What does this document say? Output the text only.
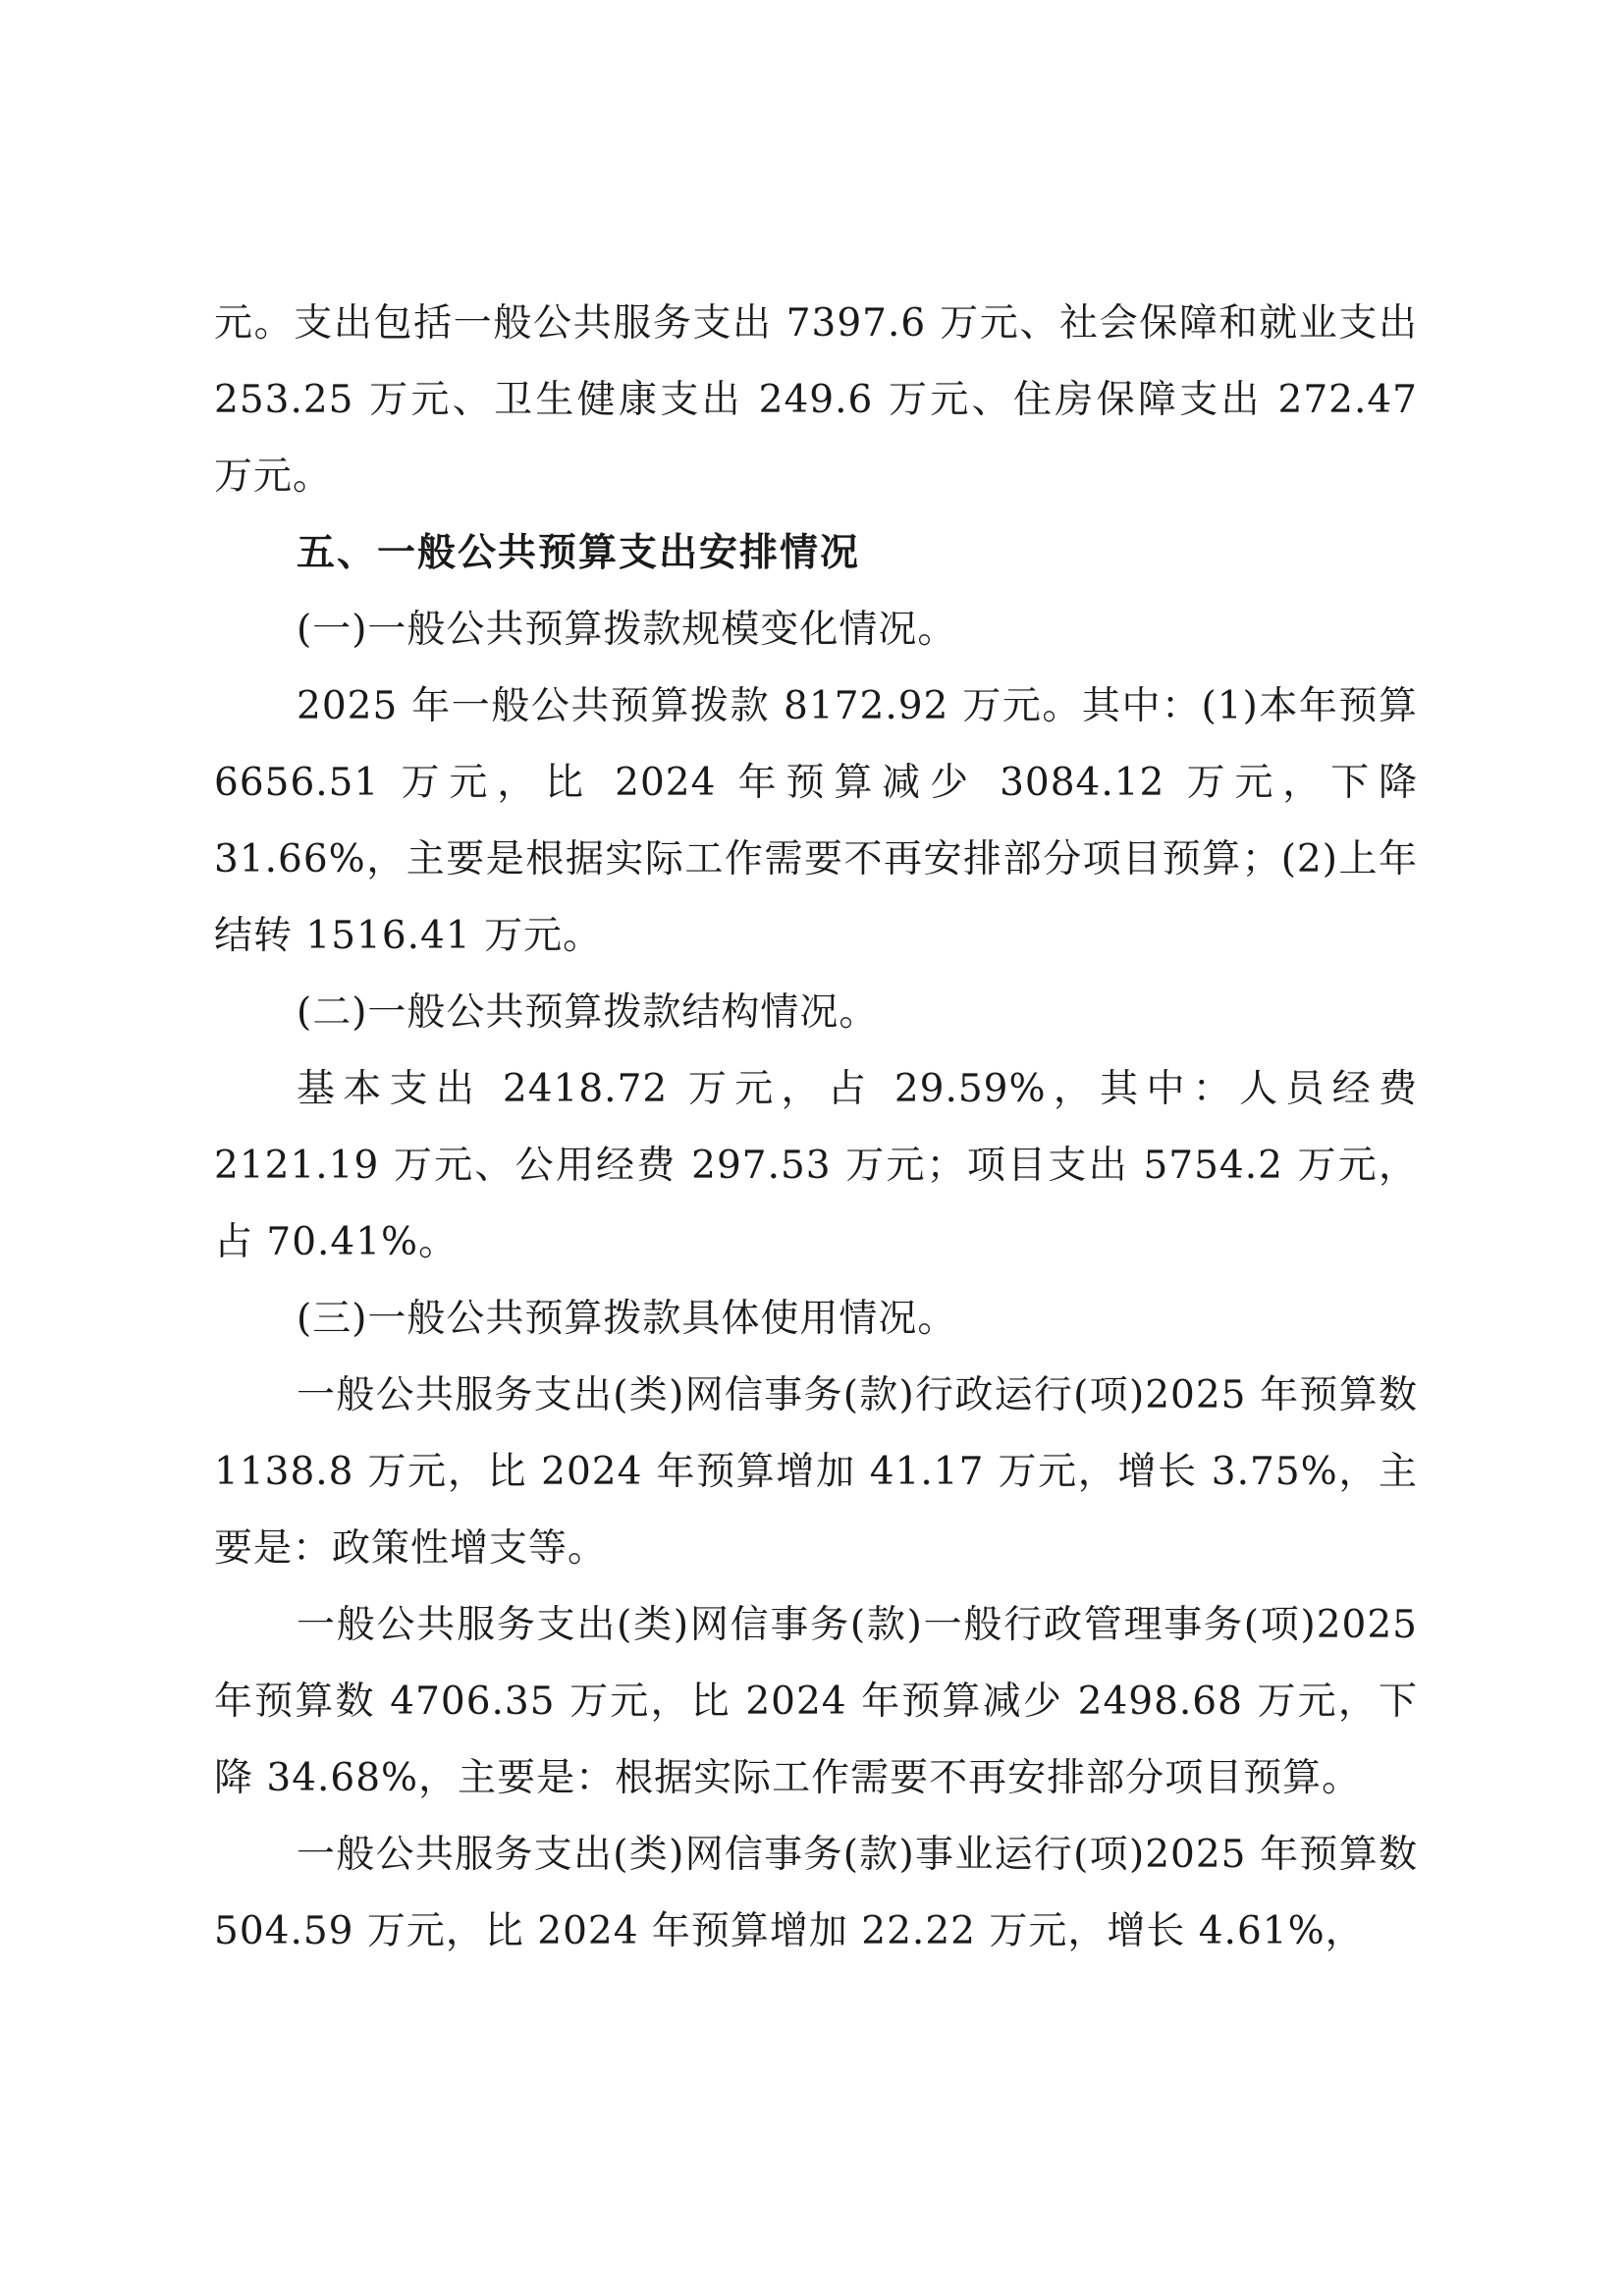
元。支出包括一般公共服务支出 7397.6 万元、社会保障和就业支出 253.25 万元、卫生健康支出 249.6 万元、住房保障支出 272.47 万元。

五、一般公共预算支出安排情况

(一)一般公共预算拨款规模变化情况。

2025 年一般公共预算拨款 8172.92 万元。其中：(1)本年预算 6656.51 万元，比 2024 年预算减少 3084.12 万元，下降 31.66%，主要是根据实际工作需要不再安排部分项目预算；(2)上年结转 1516.41 万元。

(二)一般公共预算拨款结构情况。

基本支出 2418.72 万元，占 29.59%，其中：人员经费 2121.19 万元、公用经费 297.53 万元；项目支出 5754.2 万元，占 70.41%。

(三)一般公共预算拨款具体使用情况。

一般公共服务支出(类)网信事务(款)行政运行(项)2025 年预算数 1138.8 万元，比 2024 年预算增加 41.17 万元，增长 3.75%，主要是：政策性增支等。

一般公共服务支出(类)网信事务(款)一般行政管理事务(项)2025 年预算数 4706.35 万元，比 2024 年预算减少 2498.68 万元，下降 34.68%，主要是：根据实际工作需要不再安排部分项目预算。

一般公共服务支出(类)网信事务(款)事业运行(项)2025 年预算数 504.59 万元，比 2024 年预算增加 22.22 万元，增长 4.61%，
